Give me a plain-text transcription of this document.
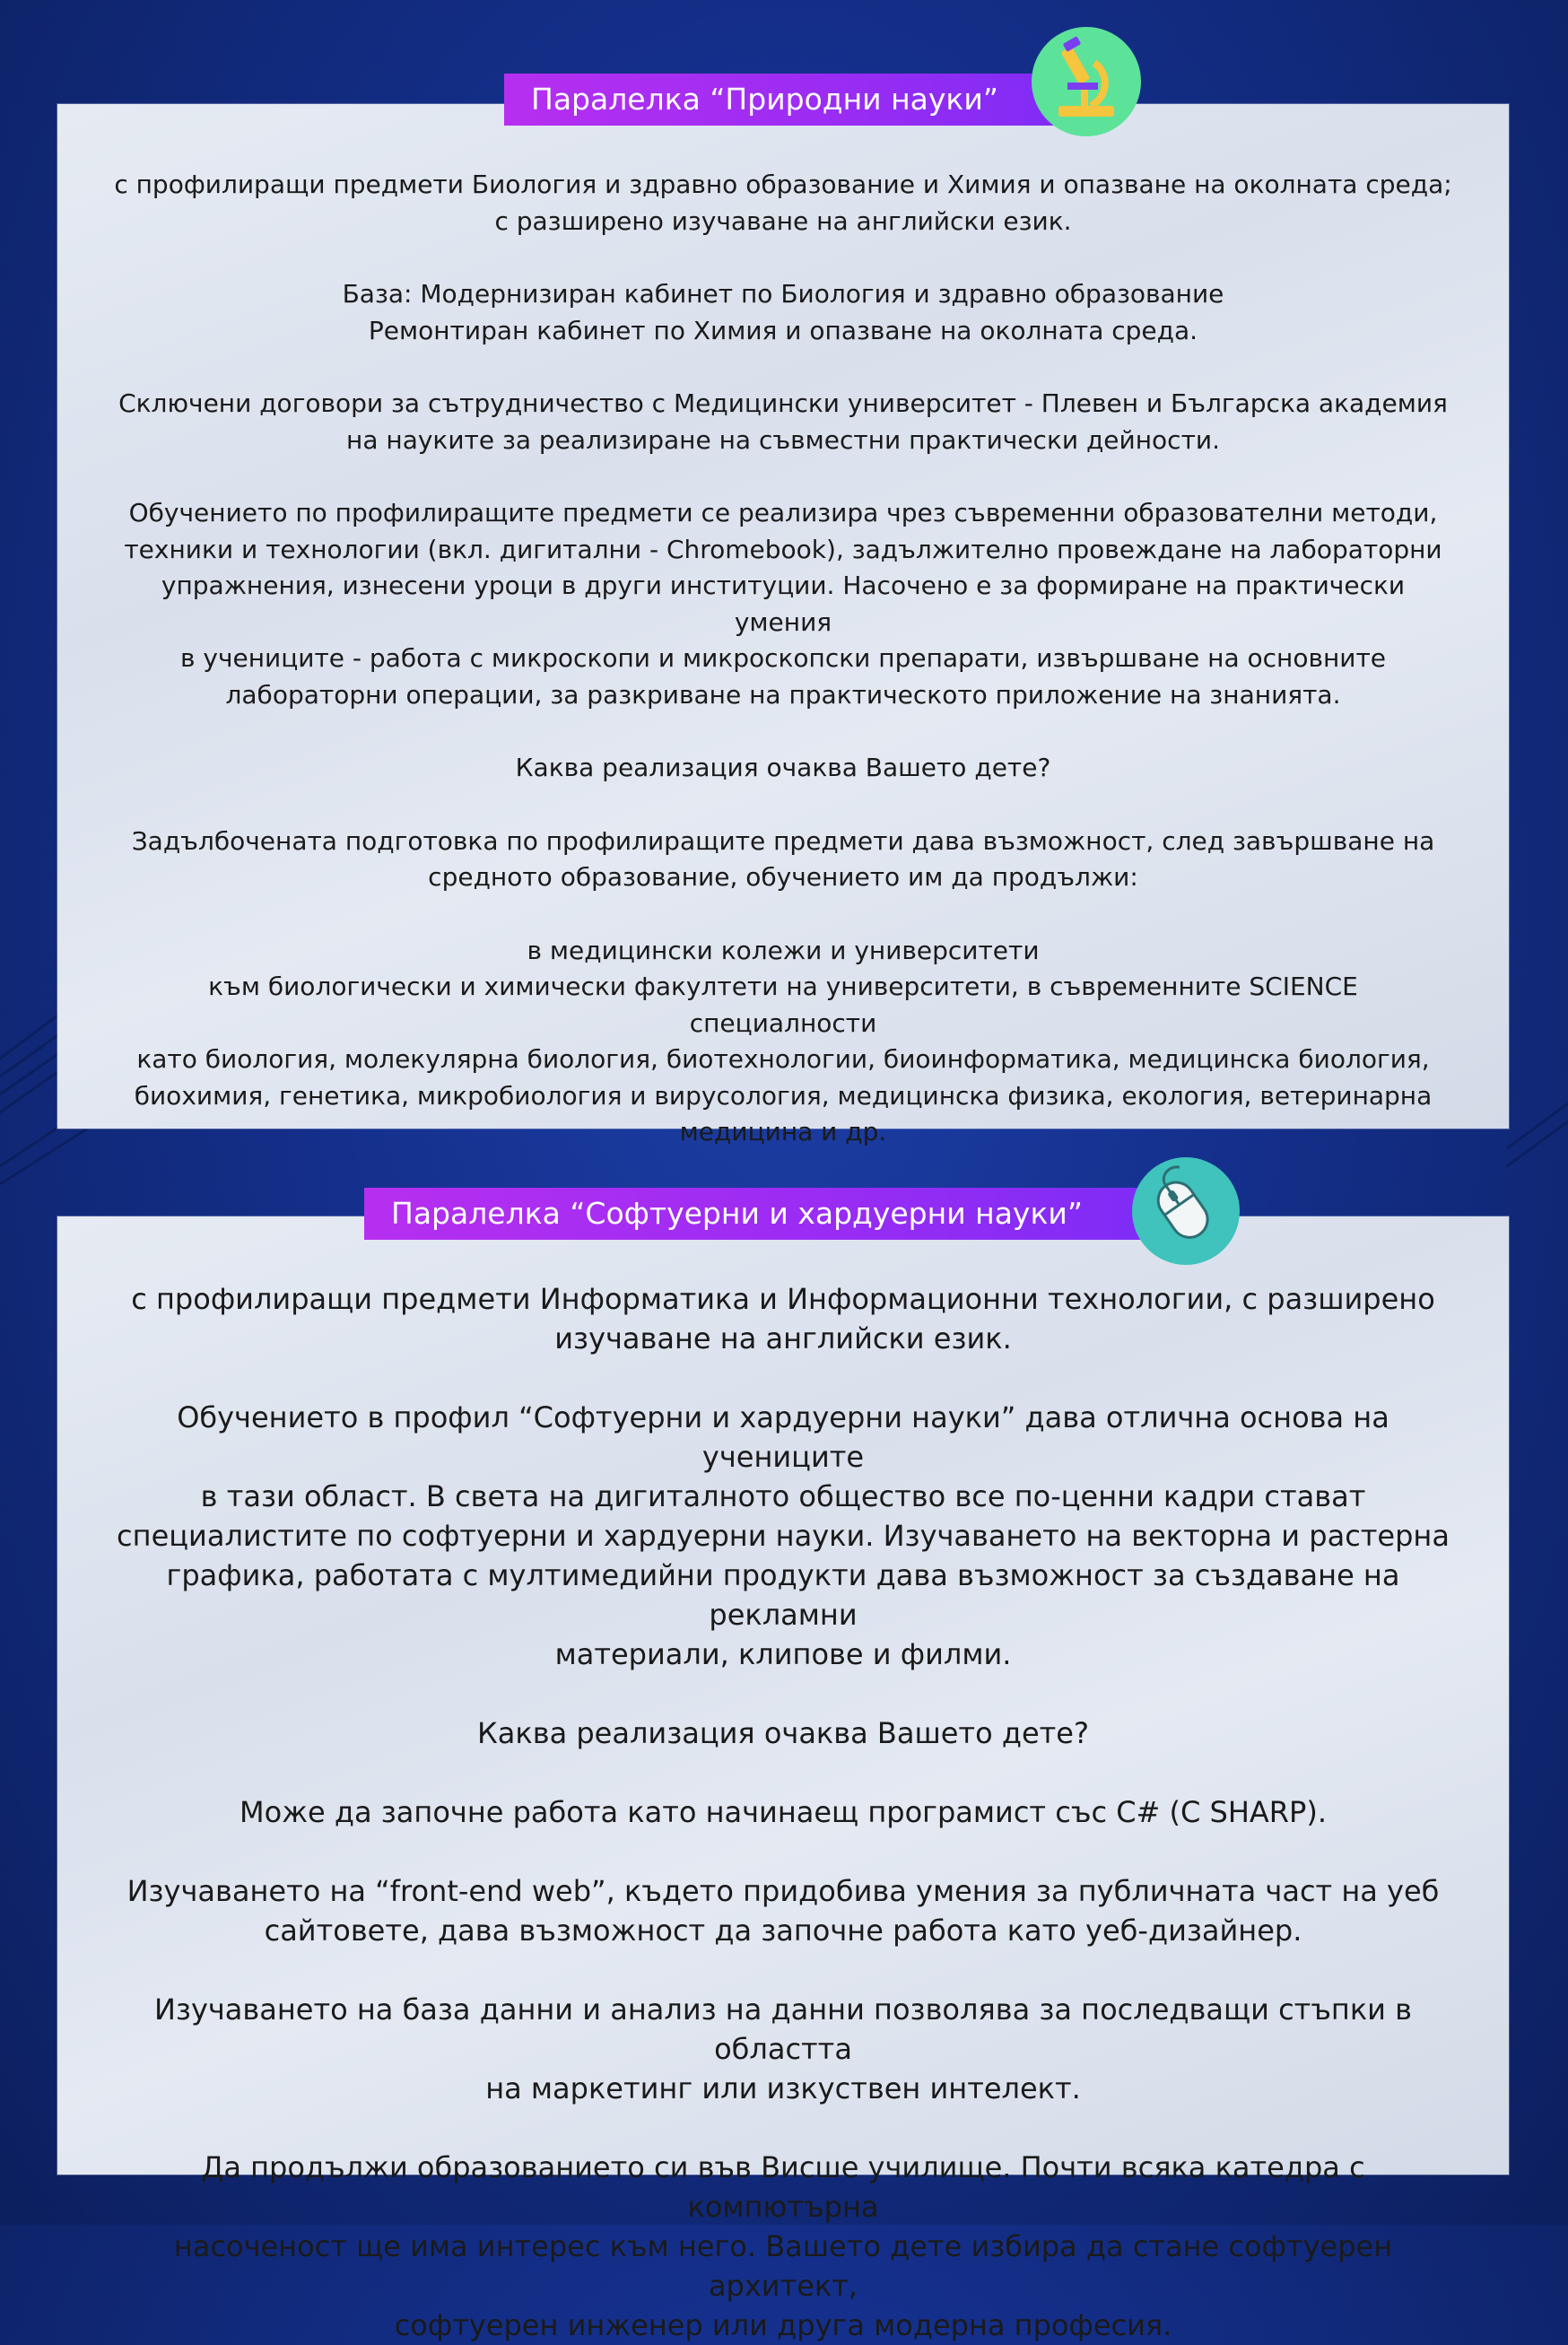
с профилиращи предмети Биология и здравно образование и Химия и опазване на околната среда;

с разширено изучаване на английски език.

База: Модернизиран кабинет по Биология и здравно образование

Ремонтиран кабинет по Химия и опазване на околната среда.

Сключени договори за сътрудничество с Медицински университет - Плевен и Българска академия

на науките за реализиране на съвместни практически дейности.

Обучението по профилиращите предмети се реализира чрез съвременни образователни методи,

техники и технологии (вкл. дигитални - Chromebook), задължително провеждане на лабораторни

упражнения, изнесени уроци в други институции. Насочено е за формиране на практически умения

в учениците - работа с микроскопи и микроскопски препарати, извършване на основните

лабораторни операции, за разкриване на практическото приложение на знанията.

Каква реализация очаква Вашето дете?

Задълбочената подготовка по профилиращите предмети дава възможност, след завършване на

средното образование, обучението им да продължи:

в медицински колежи и университети

към биологически и химически факултети на университети, в съвременните SCIENCE специалности

като биология, молекулярна биология, биотехнологии, биоинформатика, медицинска биология,

биохимия, генетика, микробиология и вирусология, медицинска физика, екология, ветеринарна

медицина и др.

Паралелка “Природни науки”

с профилиращи предмети Информатика и Информационни технологии, с разширено

изучаване на английски език.

Обучението в профил “Софтуерни и хардуерни науки” дава отлична основа на учениците

в тази област. В света на дигиталното общество все по-ценни кадри стават

специалистите по софтуерни и хардуерни науки. Изучаването на векторна и растерна

графика, работата с мултимедийни продукти дава възможност за създаване на рекламни

материали, клипове и филми.

Каква реализация очаква Вашето дете?

Може да започне работа като начинаещ програмист със C# (C SHARP).

Изучаването на “front-end web”, където придобива умения за публичната част на уеб

сайтовете, дава възможност да започне работа като уеб-дизайнер.

Изучаването на база данни и анализ на данни позволява за последващи стъпки в областта

на маркетинг или изкуствен интелект.

Да продължи образованието си във Висше училище. Почти всяка катедра с компютърна

насоченост ще има интерес към него. Вашето дете избира да стане софтуерен архитект,

софтуерен инженер или друга модерна професия.

Паралелка “Софтуерни и хардуерни науки”
